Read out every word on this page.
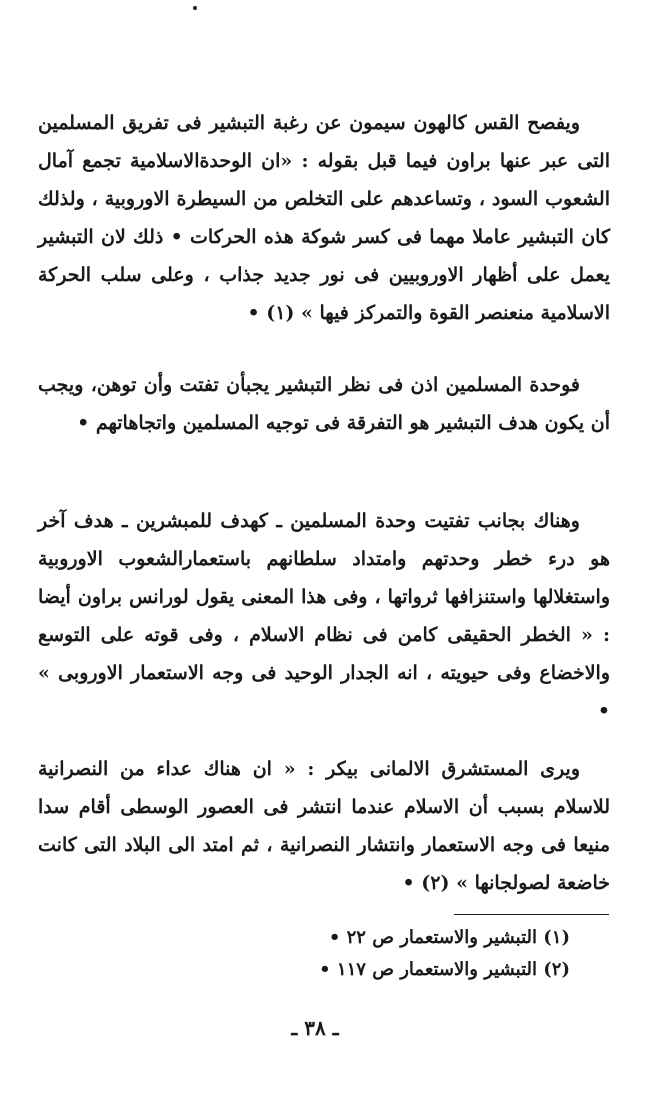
ويفصح القس كالهون سيمون عن رغبة التبشير فى تفريق المسلمين التى عبر عنها براون فيما قبل بقوله : «ان الوحدةالاسلامية تجمع آمال الشعوب السود ، وتساعدهم على التخلص من السيطرة الاوروبية ، ولذلك كان التبشير عاملا مهما فى كسر شوكة هذه الحركات • ذلك لان التبشير يعمل على أظهار الاوروبيين فى نور جديد جذاب ، وعلى سلب الحركة الاسلامية منعنصر القوة والتمركز فيها » (١) •

فوحدة المسلمين اذن فى نظر التبشير يجبأن تفتت وأن توهن، ويجب أن يكون هدف التبشير هو التفرقة فى توجيه المسلمين واتجاهاتهم •

وهناك بجانب تفتيت وحدة المسلمين ـ كهدف للمبشرين ـ هدف آخر هو درء خطر وحدتهم وامتداد سلطانهم باستعمارالشعوب الاوروبية واستغلالها واستنزافها ثرواتها ، وفى هذا المعنى يقول لورانس براون أيضا : « الخطر الحقيقى كامن فى نظام الاسلام ، وفى قوته على التوسع والاخضاع وفى حيويته ، انه الجدار الوحيد فى وجه الاستعمار الاوروبى » •

ويرى المستشرق الالمانى بيكر : « ان هناك عداء من النصرانية للاسلام بسبب أن الاسلام عندما انتشر فى العصور الوسطى أقام سدا منيعا فى وجه الاستعمار وانتشار النصرانية ، ثم امتد الى البلاد التى كانت خاضعة لصولجانها » (٢) •

(١) التبشير والاستعمار ص ٢٢ •
(٢) التبشير والاستعمار ص ١١٧ •
ـ ٣٨ ـ
